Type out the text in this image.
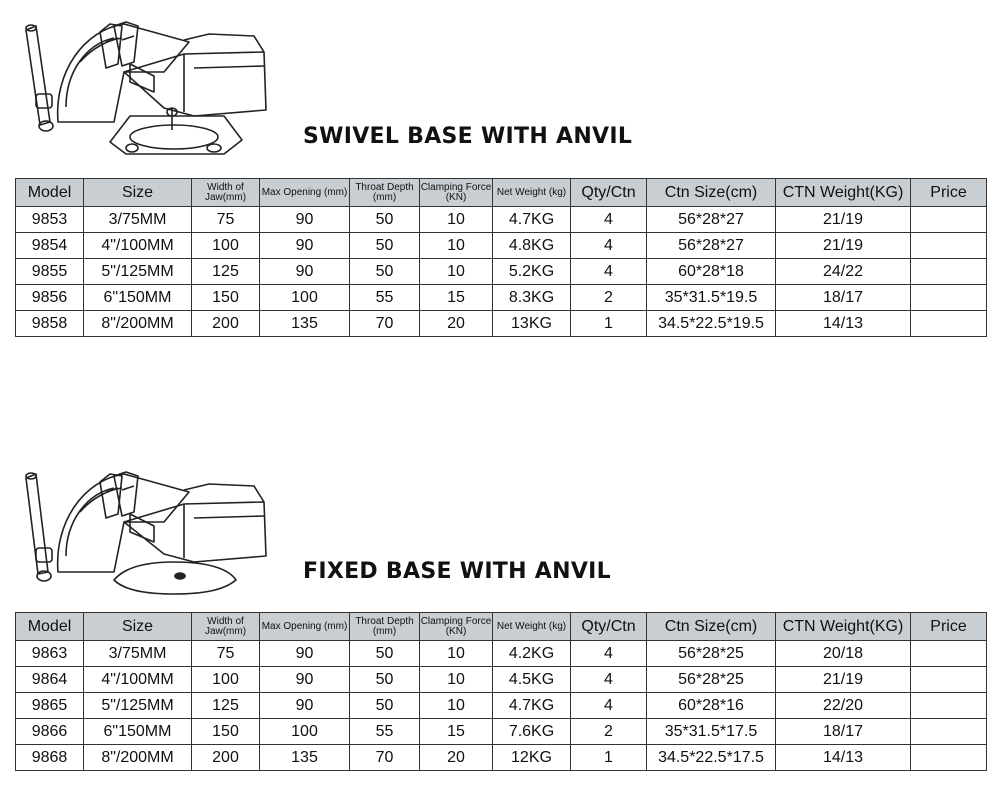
SWIVEL BASE WITH ANVIL
Model	Size	Width of Jaw(mm)	Max Opening (mm)	Throat Depth (mm)	Clamping Force (KN)	Net Weight (kg)	Qty/Ctn	Ctn Size(cm)	CTN Weight(KG)	Price
9853	3/75MM	75	90	50	10	4.7KG	4	56*28*27	21/19	
9854	4"/100MM	100	90	50	10	4.8KG	4	56*28*27	21/19	
9855	5"/125MM	125	90	50	10	5.2KG	4	60*28*18	24/22	
9856	6"150MM	150	100	55	15	8.3KG	2	35*31.5*19.5	18/17	
9858	8"/200MM	200	135	70	20	13KG	1	34.5*22.5*19.5	14/13	
FIXED BASE WITH ANVIL
Model	Size	Width of Jaw(mm)	Max Opening (mm)	Throat Depth (mm)	Clamping Force (KN)	Net Weight (kg)	Qty/Ctn	Ctn Size(cm)	CTN Weight(KG)	Price
9863	3/75MM	75	90	50	10	4.2KG	4	56*28*25	20/18	
9864	4"/100MM	100	90	50	10	4.5KG	4	56*28*25	21/19	
9865	5"/125MM	125	90	50	10	4.7KG	4	60*28*16	22/20	
9866	6"150MM	150	100	55	15	7.6KG	2	35*31.5*17.5	18/17	
9868	8"/200MM	200	135	70	20	12KG	1	34.5*22.5*17.5	14/13	
